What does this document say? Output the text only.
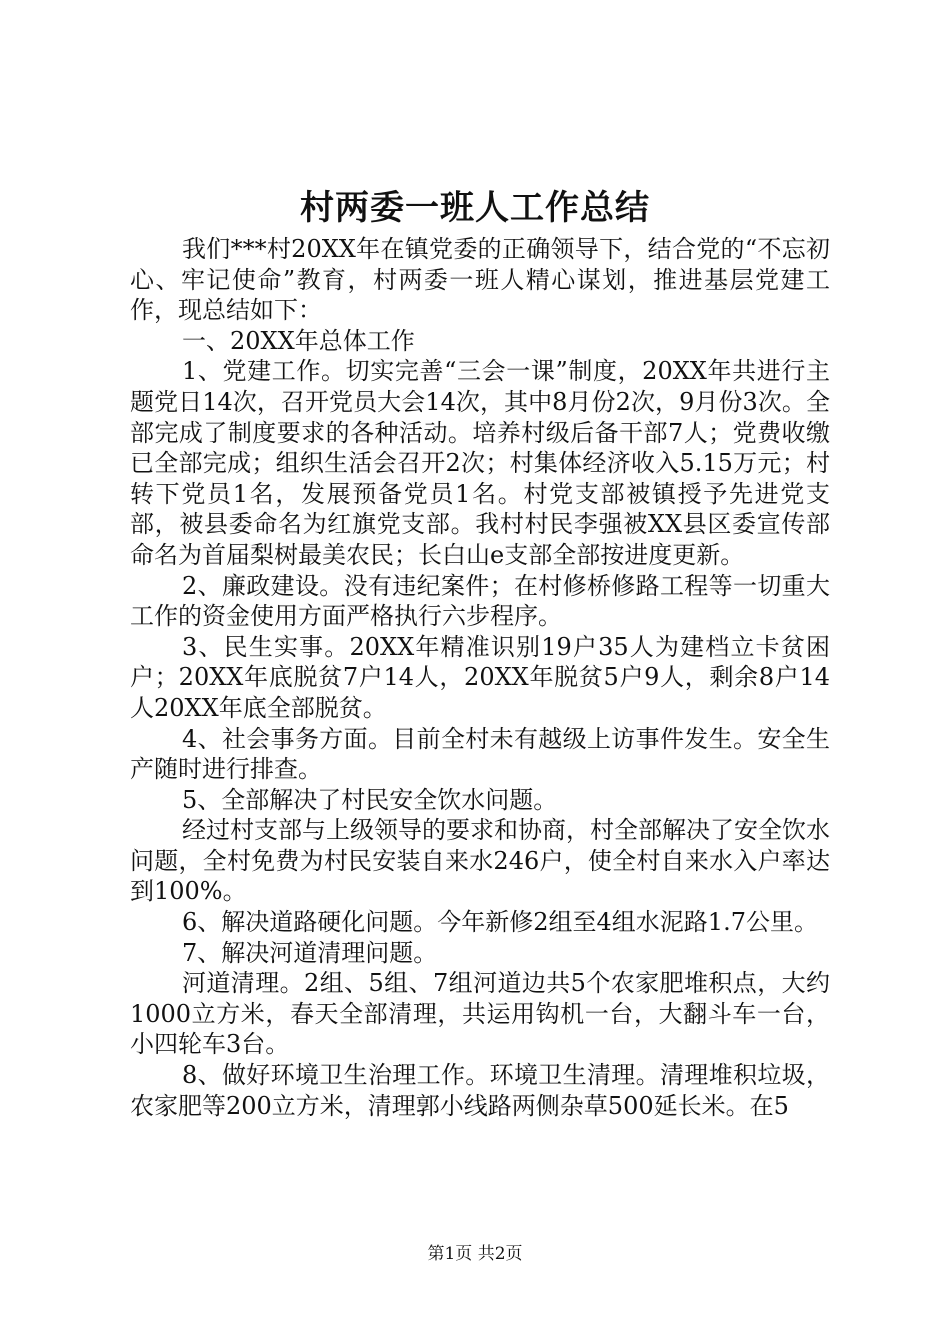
村两委一班人工作总结

我们***村20XX年在镇党委的正确领导下，结合党的“不忘初心、牢记使命”教育，村两委一班人精心谋划，推进基层党建工作，现总结如下：

一、20XX年总体工作

1、党建工作。切实完善“三会一课”制度，20XX年共进行主题党日14次，召开党员大会14次，其中8月份2次，9月份3次。全部完成了制度要求的各种活动。培养村级后备干部7人；党费收缴已全部完成；组织生活会召开2次；村集体经济收入5.15万元；村转下党员1名，发展预备党员1名。村党支部被镇授予先进党支部，被县委命名为红旗党支部。我村村民李强被XX县区委宣传部命名为首届梨树最美农民；长白山e支部全部按进度更新。

2、廉政建设。没有违纪案件；在村修桥修路工程等一切重大工作的资金使用方面严格执行六步程序。

3、民生实事。20XX年精准识别19户35人为建档立卡贫困户；20XX年底脱贫7户14人，20XX年脱贫5户9人，剩余8户14人20XX年底全部脱贫。

4、社会事务方面。目前全村未有越级上访事件发生。安全生产随时进行排查。

5、全部解决了村民安全饮水问题。

经过村支部与上级领导的要求和协商，村全部解决了安全饮水问题，全村免费为村民安装自来水246户，使全村自来水入户率达到100%。

6、解决道路硬化问题。今年新修2组至4组水泥路1.7公里。

7、解决河道清理问题。

河道清理。2组、5组、7组河道边共5个农家肥堆积点，大约1000立方米，春天全部清理，共运用钩机一台，大翻斗车一台，小四轮车3台。

8、做好环境卫生治理工作。环境卫生清理。清理堆积垃圾，农家肥等200立方米，清理郭小线路两侧杂草500延长米。在5

第1页 共2页
